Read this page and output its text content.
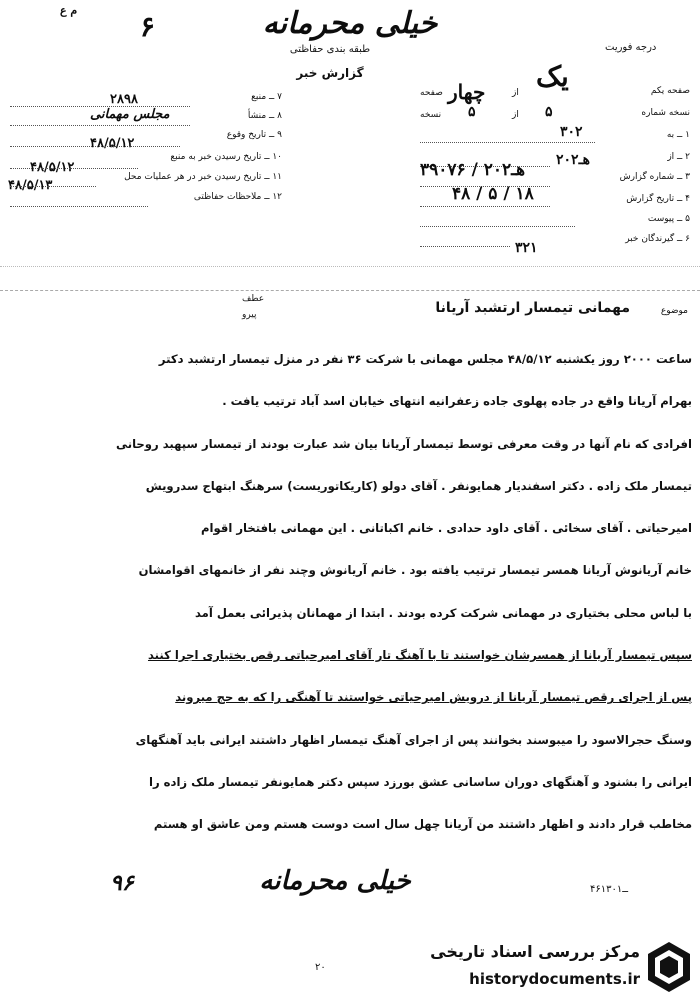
م ع ۶	خیلی محرمانه
طبقه بندی حفاظتی
گزارش خبر
درجه فوریت
۷ ــ منبع
۲۸۹۸
۸ ــ منشأ
مجلس مهمانی
۹ ــ تاریخ وقوع
۴۸/۵/۱۲
۱۰ ــ تاریخ رسیدن خبر به منبع
۴۸/۵/۱۲
۱۱ ــ تاریخ رسیدن خبر در هر عملیات محل
۴۸/۵/۱۳
۱۲ ــ ملاحظات حفاظتی
صفحه یکم
ﯾﮏ
از
چهار
صفحه
نسخه شماره
۵
از
۵
نسخه
۱ ــ به
۳۰۲
۲ ــ از
۲۰هـ۲
۳ ــ شماره گزارش
۳۹۰۷۶ / ۲۰هـ۲
۴ ــ تاریخ گزارش
۴۸ / ۵ / ۱۸
۵ ــ پیوست
۶ ــ گیرندگان خبر
۳۲۱
عطف
پیرو	موضوع
مهمانی تیمسار ارتشبد آریانا
ساعت ۲۰۰۰ روز یکشنبه ۴۸/۵/۱۲ مجلس مهمانی با شرکت ۳۶ نفر در منزل تیمسار ارتشبد دکتر
بهرام آریانا واقع در جاده پهلوی جاده زعفرانیه انتهای خیابان اسد آباد ترتیب یافت .
افرادی که نام آنها در وقت معرفی توسط تیمسار آریانا بیان شد عبارت بودند از تیمسار سپهبد روحانی
تیمسار ملک زاده . دکتر اسفندیار همایونفر . آقای دولو (کاریکاتوریست) سرهنگ ابتهاج سدرویش
امیرحیاتی . آقای سخائی . آقای داود حدادی . خانم اکباتانی . این مهمانی بافتخار اقوام
خانم آریانوش آریانا همسر تیمسار ترتیب یافته بود . خانم آریانوش وچند نفر از خانمهای اقوامشان
با لباس محلی بختیاری در مهمانی شرکت کرده بودند . ابتدا از مهمانان پذیرائی بعمل آمد
سپس تیمسار آریانا از همسرشان خواستند تا با آهنگ تار آقای امیرحیاتی رقص بختیاری اجرا کنند
پس از اجرای رقص تیمسار آریانا از درویش امیرحیاتی خواستند تا آهنگی را که به حج میروند
وسنگ حجرالاسود را میبوسند بخوانند پس از اجرای آهنگ تیمسار اظهار داشتند ایرانی باید آهنگهای
ایرانی را بشنود و آهنگهای دوران ساسانی عشق بورزد سپس دکتر همایونفر تیمسار ملک زاده را
مخاطب قرار دادند و اظهار داشتند من آریانا چهل سال است دوست هستم ومن عاشق او هستم
۹۶	خیلی محرمانه	۴۶ــ۱۳۰۱
۲۰
مرکز بررسی اسناد تاریخی
historydocuments.ir
